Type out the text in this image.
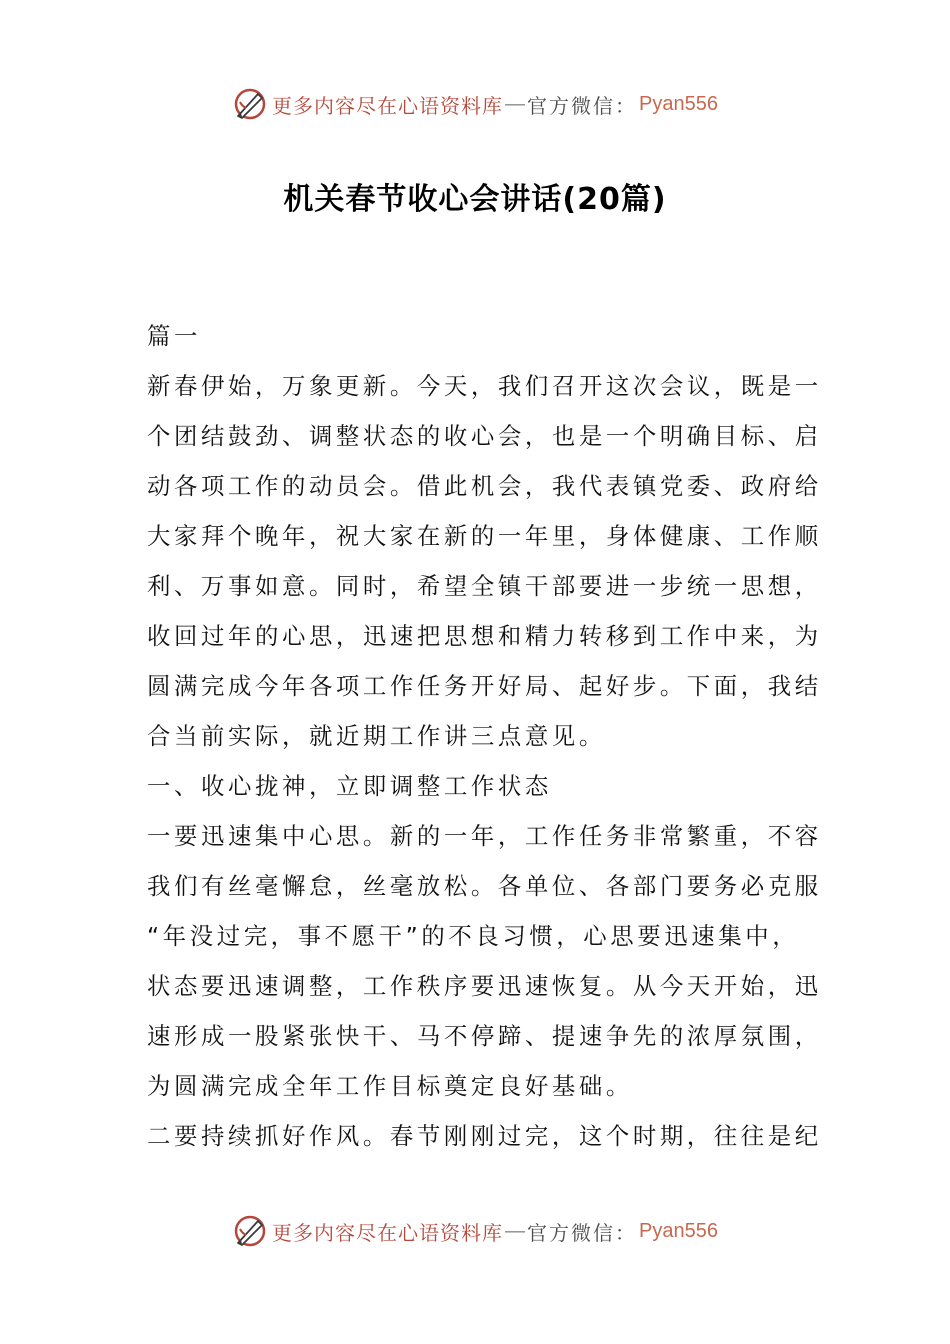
更多内容尽在心语资料库 — 官方微信： Pyan556
机关春节收心会讲话(20篇)
篇一
新春伊始，万象更新。今天，我们召开这次会议，既是一
个团结鼓劲、调整状态的收心会，也是一个明确目标、启
动各项工作的动员会。借此机会，我代表镇党委、政府给
大家拜个晚年，祝大家在新的一年里，身体健康、工作顺
利、万事如意。同时，希望全镇干部要进一步统一思想，
收回过年的心思，迅速把思想和精力转移到工作中来，为
圆满完成今年各项工作任务开好局、起好步。下面，我结
合当前实际，就近期工作讲三点意见。
一、收心拢神，立即调整工作状态
一要迅速集中心思。新的一年，工作任务非常繁重，不容
我们有丝毫懈怠，丝毫放松。各单位、各部门要务必克服
“年没过完，事不愿干”的不良习惯，心思要迅速集中，
状态要迅速调整，工作秩序要迅速恢复。从今天开始，迅
速形成一股紧张快干、马不停蹄、提速争先的浓厚氛围，
为圆满完成全年工作目标奠定良好基础。
二要持续抓好作风。春节刚刚过完，这个时期，往往是纪
更多内容尽在心语资料库 — 官方微信： Pyan556
